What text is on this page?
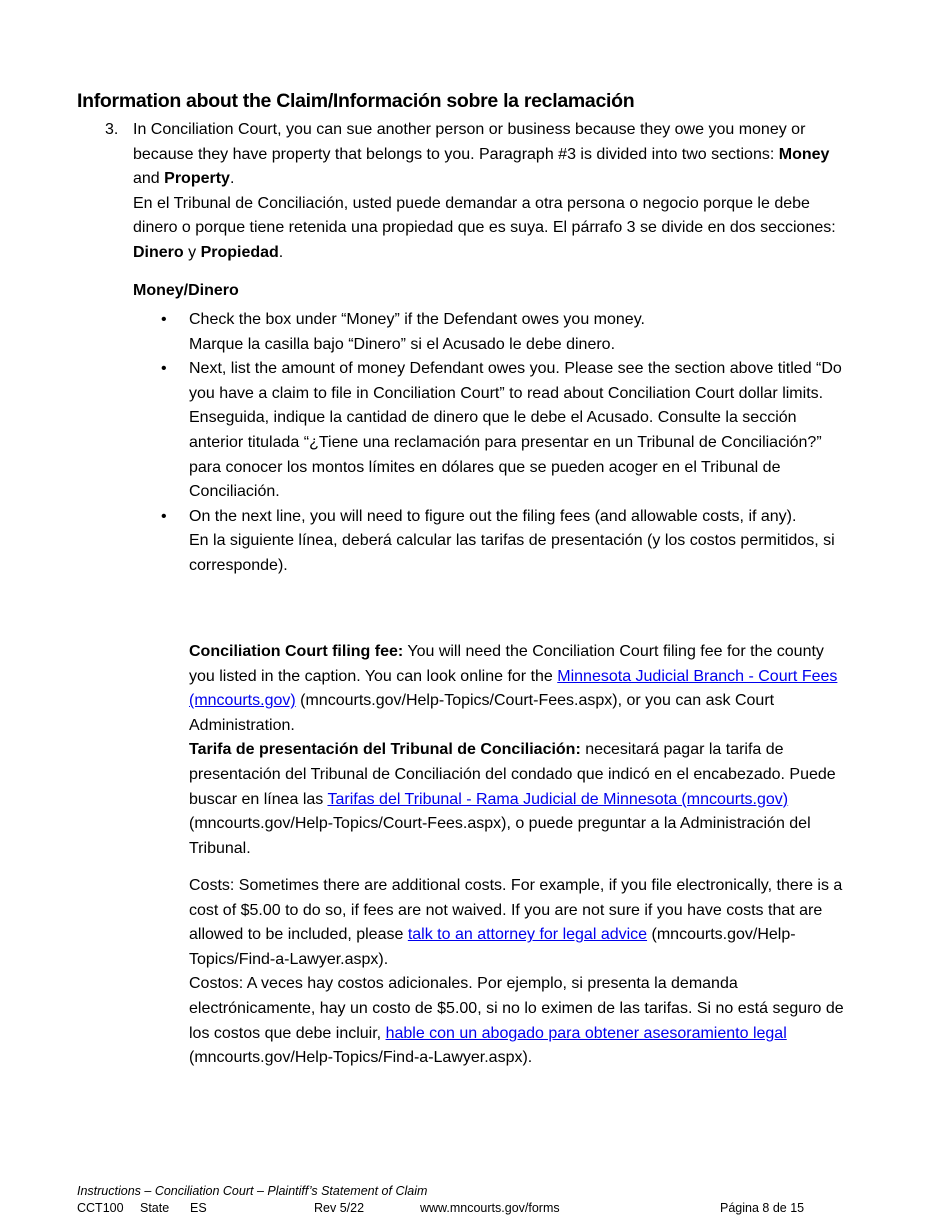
Information about the Claim/Información sobre la reclamación
3. In Conciliation Court, you can sue another person or business because they owe you money or because they have property that belongs to you. Paragraph #3 is divided into two sections: Money and Property.

En el Tribunal de Conciliación, usted puede demandar a otra persona o negocio porque le debe dinero o porque tiene retenida una propiedad que es suya. El párrafo 3 se divide en dos secciones: Dinero y Propiedad.

Money/Dinero
• Check the box under “Money” if the Defendant owes you money.

Marque la casilla bajo “Dinero” si el Acusado le debe dinero.

• Next, list the amount of money Defendant owes you. Please see the section above titled “Do you have a claim to file in Conciliation Court” to read about Conciliation Court dollar limits.

Enseguida, indique la cantidad de dinero que le debe el Acusado. Consulte la sección anterior titulada “¿Tiene una reclamación para presentar en un Tribunal de Conciliación?” para conocer los montos límites en dólares que se pueden acoger en el Tribunal de Conciliación.

• On the next line, you will need to figure out the filing fees (and allowable costs, if any).

En la siguiente línea, deberá calcular las tarifas de presentación (y los costos permitidos, si corresponde).

Conciliation Court filing fee: You will need the Conciliation Court filing fee for the county you listed in the caption. You can look online for the Minnesota Judicial Branch - Court Fees (mncourts.gov) (mncourts.gov/Help-Topics/Court-Fees.aspx), or you can ask Court Administration.

Tarifa de presentación del Tribunal de Conciliación: necesitará pagar la tarifa de presentación del Tribunal de Conciliación del condado que indicó en el encabezado. Puede buscar en línea las Tarifas del Tribunal - Rama Judicial de Minnesota (mncourts.gov) (mncourts.gov/Help-Topics/Court-Fees.aspx), o puede preguntar a la Administración del Tribunal.

Costs: Sometimes there are additional costs. For example, if you file electronically, there is a cost of $5.00 to do so, if fees are not waived. If you are not sure if you have costs that are allowed to be included, please talk to an attorney for legal advice (mncourts.gov/Help-Topics/Find-a-Lawyer.aspx).

Costos: A veces hay costos adicionales. Por ejemplo, si presenta la demanda electrónicamente, hay un costo de $5.00, si no lo eximen de las tarifas. Si no está seguro de los costos que debe incluir, hable con un abogado para obtener asesoramiento legal (mncourts.gov/Help-Topics/Find-a-Lawyer.aspx).

Instructions – Conciliation Court – Plaintiff’s Statement of Claim
CCT100 State ES	Rev 5/22	www.mncourts.gov/forms	Página 8 de 15
